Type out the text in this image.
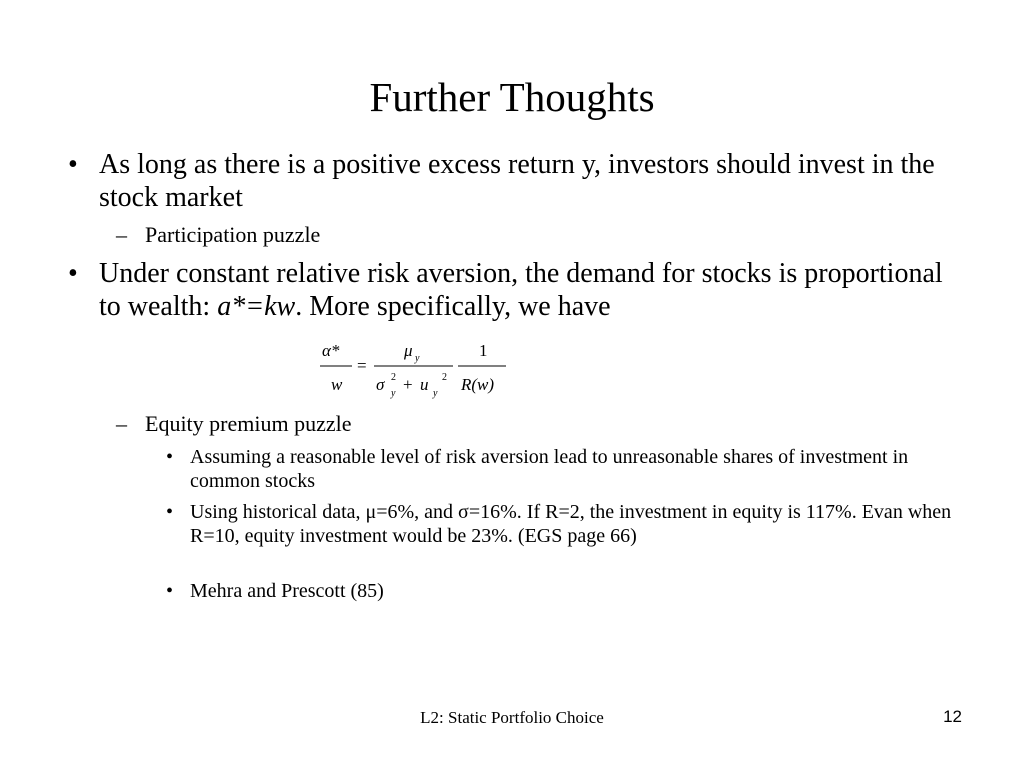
Further Thoughts
• As long as there is a positive excess return y, investors should invest in the stock market
– Participation puzzle
• Under constant relative risk aversion, the demand for stocks is proportional to wealth: a*=kw. More specifically, we have
α*
w
=
μ y
σ 2
y + u 2
y
1
R(w)
– Equity premium puzzle
• Assuming a reasonable level of risk aversion lead to unreasonable shares of investment in common stocks
• Using historical data, μ=6%, and σ=16%. If R=2, the investment in equity is 117%. Evan when R=10, equity investment would be 23%. (EGS page 66)
• Mehra and Prescott (85)
L2: Static Portfolio Choice	12
